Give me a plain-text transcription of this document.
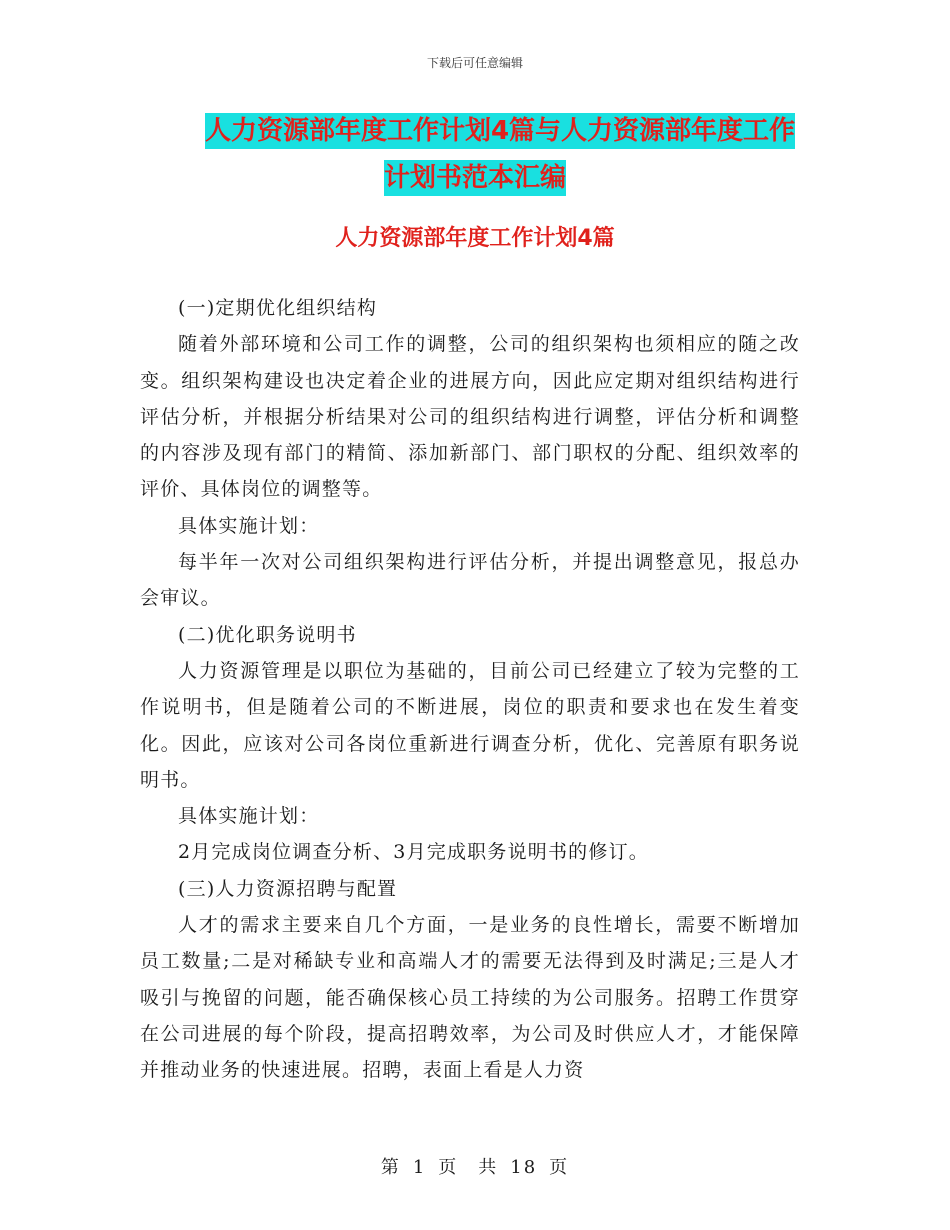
下载后可任意编辑
人力资源部年度工作计划4篇与人力资源部年度工作
计划书范本汇编
人力资源部年度工作计划4篇

(一)定期优化组织结构

随着外部环境和公司工作的调整，公司的组织架构也须相应的随之改变。组织架构建设也决定着企业的进展方向，因此应定期对组织结构进行评估分析，并根据分析结果对公司的组织结构进行调整，评估分析和调整的内容涉及现有部门的精简、添加新部门、部门职权的分配、组织效率的评价、具体岗位的调整等。

具体实施计划：

每半年一次对公司组织架构进行评估分析，并提出调整意见，报总办会审议。

(二)优化职务说明书

人力资源管理是以职位为基础的，目前公司已经建立了较为完整的工作说明书，但是随着公司的不断进展，岗位的职责和要求也在发生着变化。因此，应该对公司各岗位重新进行调查分析，优化、完善原有职务说明书。

具体实施计划：

2月完成岗位调查分析、3月完成职务说明书的修订。

(三)人力资源招聘与配置

人才的需求主要来自几个方面，一是业务的良性增长，需要不断增加员工数量;二是对稀缺专业和高端人才的需要无法得到及时满足;三是人才吸引与挽留的问题，能否确保核心员工持续的为公司服务。招聘工作贯穿在公司进展的每个阶段，提高招聘效率，为公司及时供应人才，才能保障并推动业务的快速进展。招聘，表面上看是人力资

第 1 页　共 18 页
